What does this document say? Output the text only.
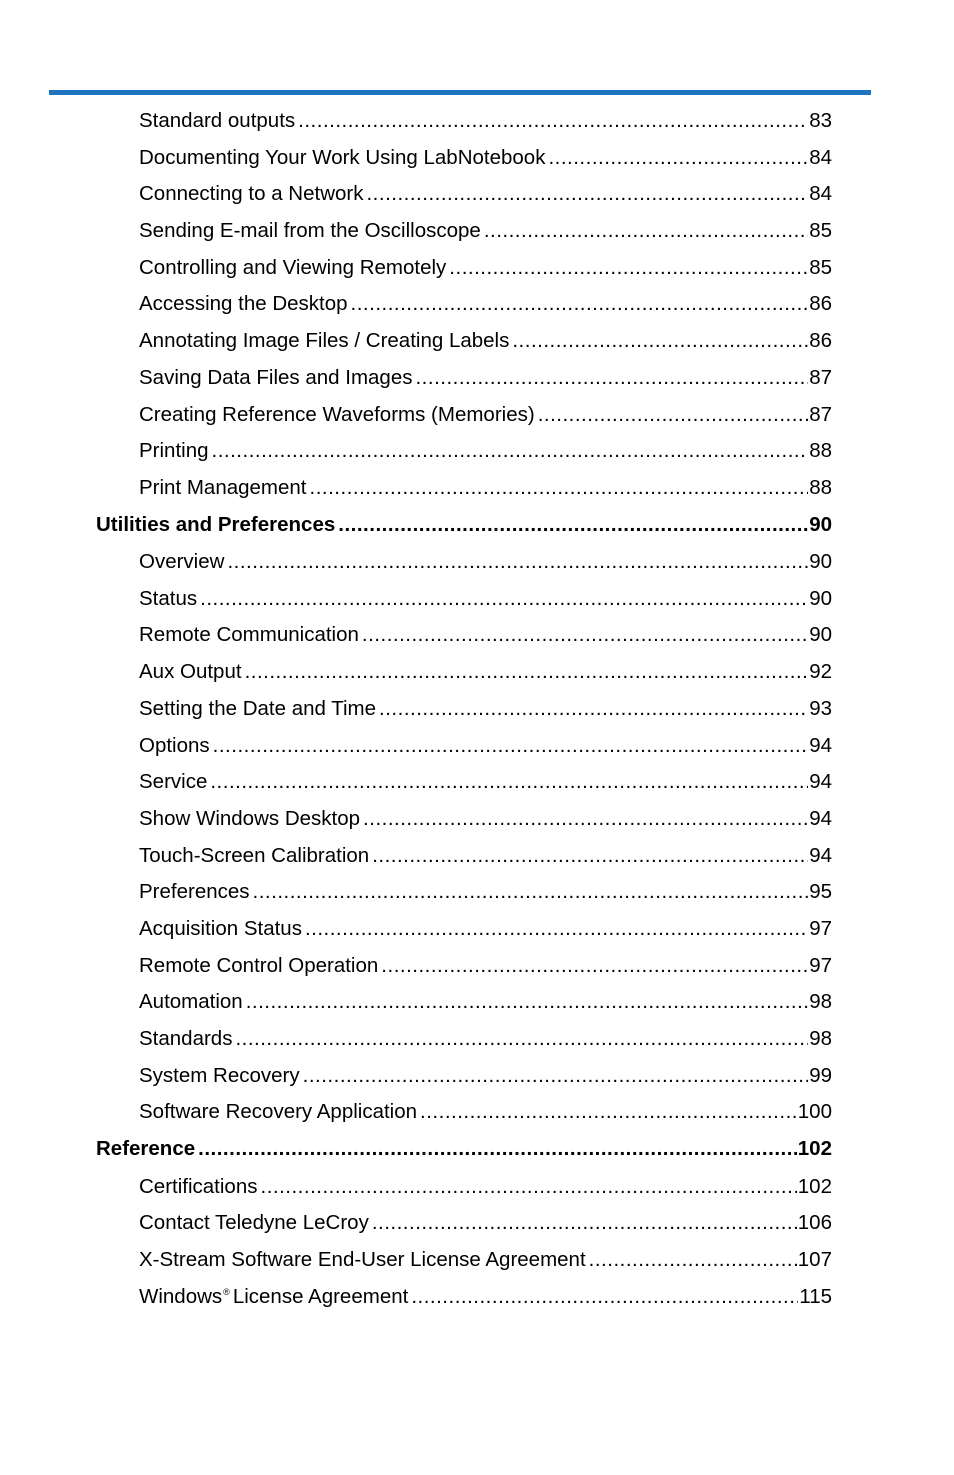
Standard outputs .....	83
Documenting Your Work Using LabNotebook .....	84
Connecting to a Network .....	84
Sending E-mail from the Oscilloscope .....	85
Controlling and Viewing Remotely .....	85
Accessing the Desktop .....	86
Annotating Image Files / Creating Labels .....	86
Saving Data Files and Images .....	87
Creating Reference Waveforms (Memories) .....	87
Printing .....	88
Print Management .....	88
Utilities and Preferences .....	90
Overview .....	90
Status .....	90
Remote Communication .....	90
Aux Output .....	92
Setting the Date and Time .....	93
Options .....	94
Service .....	94
Show Windows Desktop .....	94
Touch-Screen Calibration .....	94
Preferences .....	95
Acquisition Status .....	97
Remote Control Operation .....	97
Automation .....	98
Standards .....	98
System Recovery .....	99
Software Recovery Application .....	100
Reference .....	102
Certifications .....	102
Contact Teledyne LeCroy .....	106
X-Stream Software End-User License Agreement .....	107
Windows® License Agreement .....	115
